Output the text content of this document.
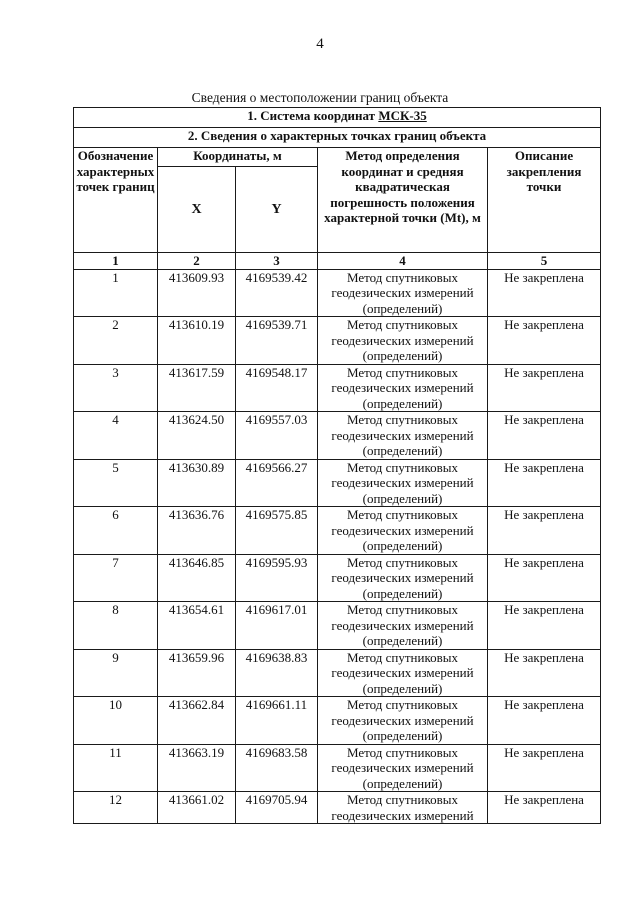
4
Сведения о местоположении границ объекта
1. Система координат МСК-35				
2. Сведения о характерных точках границ объекта				
Обозначение характерных точек границ	Координаты, м		Метод определения координат и средняя квадратическая погрешность положения характерной точки (Mt), м	Описание закрепления точки
	X	Y		
1	2	3	4	5
1	413609.93	4169539.42	Метод спутниковых геодезических измерений (определений)	Не закреплена
2	413610.19	4169539.71	Метод спутниковых геодезических измерений (определений)	Не закреплена
3	413617.59	4169548.17	Метод спутниковых геодезических измерений (определений)	Не закреплена
4	413624.50	4169557.03	Метод спутниковых геодезических измерений (определений)	Не закреплена
5	413630.89	4169566.27	Метод спутниковых геодезических измерений (определений)	Не закреплена
6	413636.76	4169575.85	Метод спутниковых геодезических измерений (определений)	Не закреплена
7	413646.85	4169595.93	Метод спутниковых геодезических измерений (определений)	Не закреплена
8	413654.61	4169617.01	Метод спутниковых геодезических измерений (определений)	Не закреплена
9	413659.96	4169638.83	Метод спутниковых геодезических измерений (определений)	Не закреплена
10	413662.84	4169661.11	Метод спутниковых геодезических измерений (определений)	Не закреплена
11	413663.19	4169683.58	Метод спутниковых геодезических измерений (определений)	Не закреплена
12	413661.02	4169705.94	Метод спутниковых геодезических измерений	Не закреплена
